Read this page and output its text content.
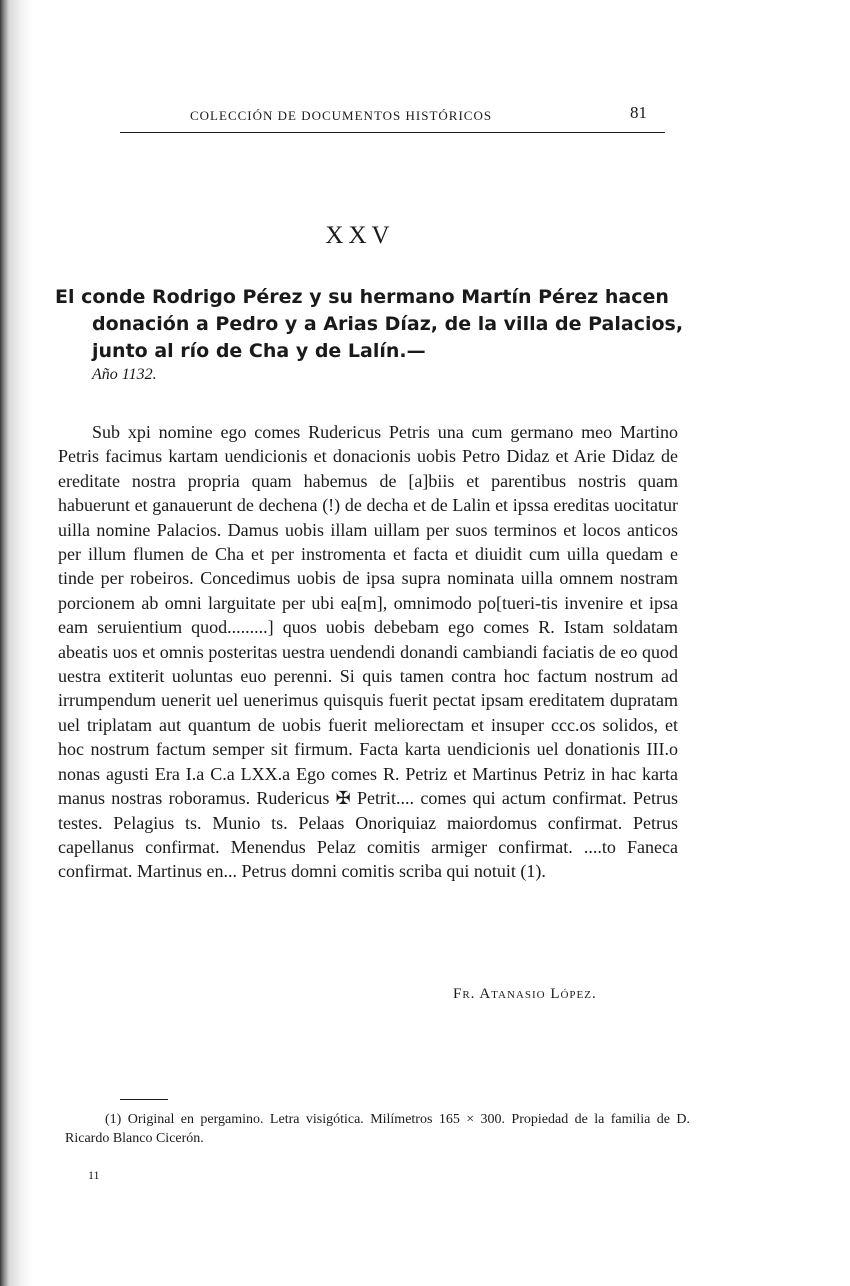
COLECCIÓN DE DOCUMENTOS HISTÓRICOS	81
XXV
El conde Rodrigo Pérez y su hermano Martín Pérez hacen donación a Pedro y a Arias Díaz, de la villa de Palacios, junto al río de Cha y de Lalín.—
Año 1132.

Sub xpi nomine ego comes Rudericus Petris una cum germano meo Martino Petris facimus kartam uendicionis et donacionis uobis Petro Didaz et Arie Didaz de ereditate nostra propria quam habemus de [a]biis et parentibus nostris quam habuerunt et ganauerunt de dechena (!) de decha et de Lalin et ipssa ereditas uocitatur uilla nomine Palacios. Damus uobis illam uillam per suos terminos et locos anticos per illum flumen de Cha et per instromenta et facta et diuidit cum uilla quedam e tinde per robeiros. Concedimus uobis de ipsa supra nominata uilla omnem nostram porcionem ab omni larguitate per ubi ea[m], omnimodo po[tueri-tis invenire et ipsa eam seruientium quod.........] quos uobis debebam ego comes R. Istam soldatam abeatis uos et omnis posteritas uestra uendendi donandi cambiandi faciatis de eo quod uestra extiterit uoluntas euo perenni. Si quis tamen contra hoc factum nostrum ad irrumpendum uenerit uel uenerimus quisquis fuerit pectat ipsam ereditatem dupratam uel triplatam aut quantum de uobis fuerit meliorectam et insuper ccc.os solidos, et hoc nostrum factum semper sit firmum. Facta karta uendicionis uel donationis III.o nonas agusti Era I.a C.a LXX.a Ego comes R. Petriz et Martinus Petriz in hac karta manus nostras roboramus. Rudericus ✠ Petrit.... comes qui actum confirmat. Petrus testes. Pelagius ts. Munio ts. Pelaas Onoriquiaz maiordomus confirmat. Petrus capellanus confirmat. Menendus Pelaz comitis armiger confirmat. ....to Faneca confirmat. Martinus en... Petrus domni comitis scriba qui notuit (1).

Fr. Atanasio López.

(1) Original en pergamino. Letra visigótica. Milímetros 165 × 300. Propiedad de la familia de D. Ricardo Blanco Cicerón.

11
